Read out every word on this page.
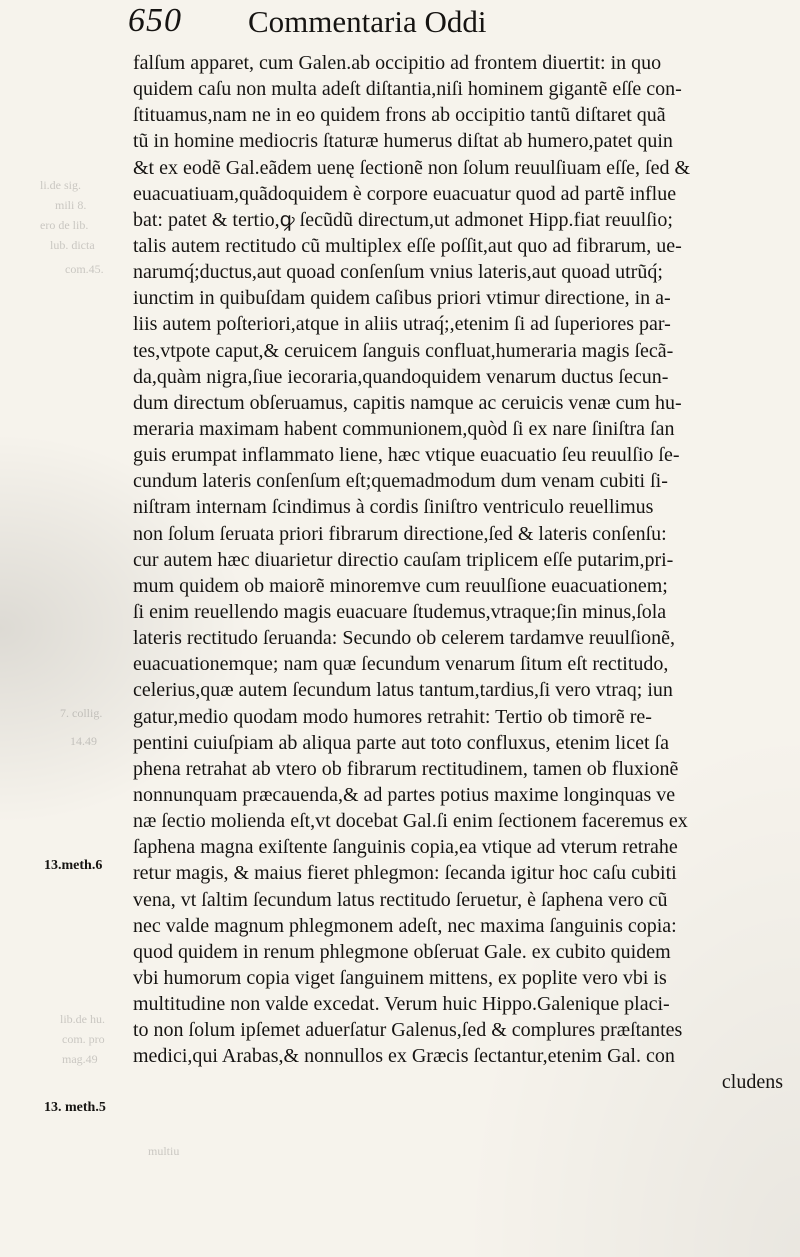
650 Commentaria Oddi
li.de sig.
mili 8.
ero de lib.
lub. dicta
com.45.
7. collig.
14.49
13.meth.6
lib.de hu.
com. pro
mag.49
13. meth.5
multiu
falſum apparet, cum Galen.ab occipitio ad frontem diuertit: in quo
quidem caſu non multa adeſt diſtantia,niſi hominem gigantẽ eſſe con-
ſtituamus,nam ne in eo quidem frons ab occipitio tantũ diſtaret quã
tũ in homine mediocris ſtaturæ humerus diſtat ab humero,patet quin
&t ex eodẽ Gal.eãdem uenę ſectionẽ non ſolum reuulſiuam eſſe, ſed &
euacuatiuam,quãdoquidem è corpore euacuatur quod ad partẽ influe
bat: patet & tertio,ꝙ ſecũdũ directum,ut admonet Hipp.fiat reuulſio;
talis autem rectitudo cũ multiplex eſſe poſſit,aut quo ad fibrarum, ue-
narumq́;ductus,aut quoad conſenſum vnius lateris,aut quoad utrũq́;
iunctim in quibuſdam quidem caſibus priori vtimur directione, in a-
liis autem poſteriori,atque in aliis utraq́;,etenim ſi ad ſuperiores par-
tes,vtpote caput,& ceruicem ſanguis confluat,humeraria magis ſecã-
da,quàm nigra,ſiue iecoraria,quandoquidem venarum ductus ſecun-
dum directum obſeruamus, capitis namque ac ceruicis venæ cum hu-
meraria maximam habent communionem,quòd ſi ex nare ſiniſtra ſan
guis erumpat inflammato liene, hæc vtique euacuatio ſeu reuulſio ſe-
cundum lateris conſenſum eſt;quemadmodum dum venam cubiti ſi-
niſtram internam ſcindimus à cordis ſiniſtro ventriculo reuellimus
non ſolum ſeruata priori fibrarum directione,ſed & lateris conſenſu:
cur autem hæc diuarietur directio cauſam triplicem eſſe putarim,pri-
mum quidem ob maiorẽ minoremve cum reuulſione euacuationem;
ſi enim reuellendo magis euacuare ſtudemus,vtraque;ſin minus,ſola
lateris rectitudo ſeruanda: Secundo ob celerem tardamve reuulſionẽ,
euacuationemque; nam quæ ſecundum venarum ſitum eſt rectitudo,
celerius,quæ autem ſecundum latus tantum,tardius,ſi vero vtraq; iun
gatur,medio quodam modo humores retrahit: Tertio ob timorẽ re-
pentini cuiuſpiam ab aliqua parte aut toto confluxus, etenim licet ſa
phena retrahat ab vtero ob fibrarum rectitudinem, tamen ob fluxionẽ
nonnunquam præcauenda,& ad partes potius maxime longinquas ve
næ ſectio molienda eſt,vt docebat Gal.ſi enim ſectionem faceremus ex
ſaphena magna exiſtente ſanguinis copia,ea vtique ad vterum retrahe
retur magis, & maius fieret phlegmon: ſecanda igitur hoc caſu cubiti
vena, vt ſaltim ſecundum latus rectitudo ſeruetur, è ſaphena vero cũ
nec valde magnum phlegmonem adeſt, nec maxima ſanguinis copia:
quod quidem in renum phlegmone obſeruat Gale. ex cubito quidem
vbi humorum copia viget ſanguinem mittens, ex poplite vero vbi is
multitudine non valde excedat. Verum huic Hippo.Galenique placi-
to non ſolum ipſemet aduerſatur Galenus,ſed & complures præſtantes
medici,qui Arabas,& nonnullos ex Græcis ſectantur,etenim Gal. con
cludens
